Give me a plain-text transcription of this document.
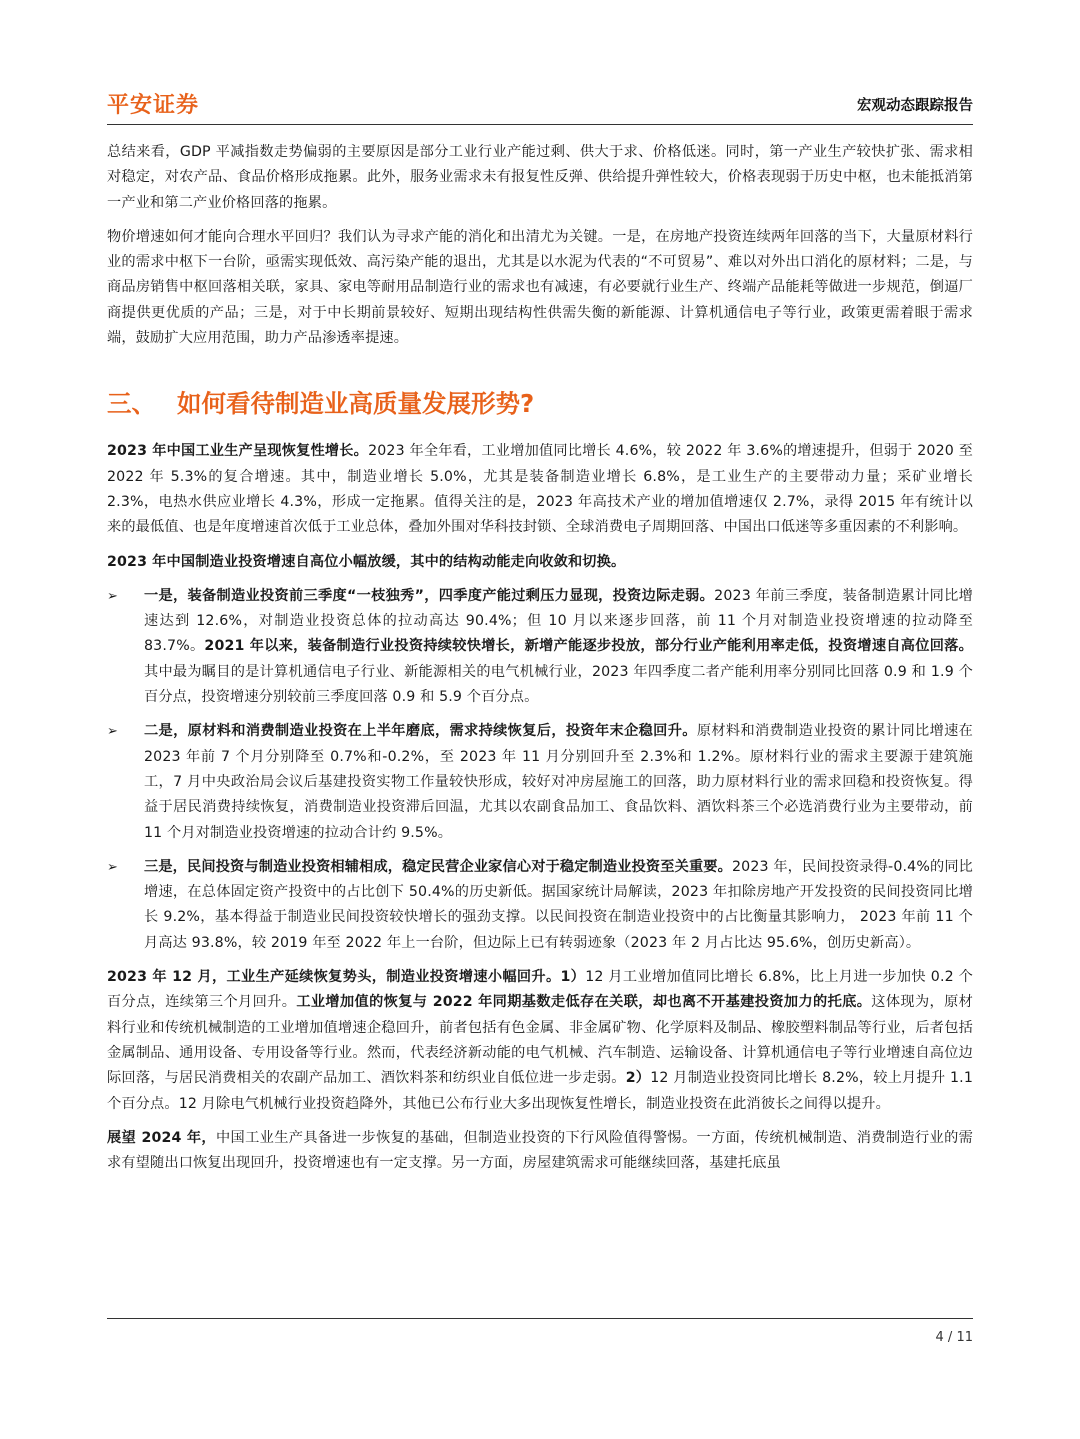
平安证券	宏观动态跟踪报告

总结来看，GDP 平减指数走势偏弱的主要原因是部分工业行业产能过剩、供大于求、价格低迷。同时，第一产业生产较快扩张、需求相对稳定，对农产品、食品价格形成拖累。此外，服务业需求未有报复性反弹、供给提升弹性较大，价格表现弱于历史中枢，也未能抵消第一产业和第二产业价格回落的拖累。

物价增速如何才能向合理水平回归？我们认为寻求产能的消化和出清尤为关键。一是，在房地产投资连续两年回落的当下，大量原材料行业的需求中枢下一台阶，亟需实现低效、高污染产能的退出，尤其是以水泥为代表的“不可贸易”、难以对外出口消化的原材料；二是，与商品房销售中枢回落相关联，家具、家电等耐用品制造行业的需求也有减速，有必要就行业生产、终端产品能耗等做进一步规范，倒逼厂商提供更优质的产品；三是，对于中长期前景较好、短期出现结构性供需失衡的新能源、计算机通信电子等行业，政策更需着眼于需求端，鼓励扩大应用范围，助力产品渗透率提速。

三、 如何看待制造业高质量发展形势?

2023 年中国工业生产呈现恢复性增长。2023 年全年看，工业增加值同比增长 4.6%，较 2022 年 3.6%的增速提升，但弱于 2020 至 2022 年 5.3%的复合增速。其中，制造业增长 5.0%，尤其是装备制造业增长 6.8%，是工业生产的主要带动力量；采矿业增长 2.3%，电热水供应业增长 4.3%，形成一定拖累。值得关注的是，2023 年高技术产业的增加值增速仅 2.7%，录得 2015 年有统计以来的最低值、也是年度增速首次低于工业总体，叠加外围对华科技封锁、全球消费电子周期回落、中国出口低迷等多重因素的不利影响。

2023 年中国制造业投资增速自高位小幅放缓，其中的结构动能走向收敛和切换。

➢ 一是，装备制造业投资前三季度“一枝独秀”，四季度产能过剩压力显现，投资边际走弱。2023 年前三季度，装备制造累计同比增速达到 12.6%，对制造业投资总体的拉动高达 90.4%；但 10 月以来逐步回落，前 11 个月对制造业投资增速的拉动降至 83.7%。2021 年以来，装备制造行业投资持续较快增长，新增产能逐步投放，部分行业产能利用率走低，投资增速自高位回落。其中最为瞩目的是计算机通信电子行业、新能源相关的电气机械行业，2023 年四季度二者产能利用率分别同比回落 0.9 和 1.9 个百分点，投资增速分别较前三季度回落 0.9 和 5.9 个百分点。

➢ 二是，原材料和消费制造业投资在上半年磨底，需求持续恢复后，投资年末企稳回升。原材料和消费制造业投资的累计同比增速在 2023 年前 7 个月分别降至 0.7%和-0.2%，至 2023 年 11 月分别回升至 2.3%和 1.2%。原材料行业的需求主要源于建筑施工，7 月中央政治局会议后基建投资实物工作量较快形成，较好对冲房屋施工的回落，助力原材料行业的需求回稳和投资恢复。得益于居民消费持续恢复，消费制造业投资滞后回温，尤其以农副食品加工、食品饮料、酒饮料茶三个必选消费行业为主要带动，前 11 个月对制造业投资增速的拉动合计约 9.5%。

➢ 三是，民间投资与制造业投资相辅相成，稳定民营企业家信心对于稳定制造业投资至关重要。2023 年，民间投资录得-0.4%的同比增速，在总体固定资产投资中的占比创下 50.4%的历史新低。据国家统计局解读，2023 年扣除房地产开发投资的民间投资同比增长 9.2%，基本得益于制造业民间投资较快增长的强劲支撑。以民间投资在制造业投资中的占比衡量其影响力， 2023 年前 11 个月高达 93.8%，较 2019 年至 2022 年上一台阶，但边际上已有转弱迹象（2023 年 2 月占比达 95.6%，创历史新高）。

2023 年 12 月，工业生产延续恢复势头，制造业投资增速小幅回升。1）12 月工业增加值同比增长 6.8%，比上月进一步加快 0.2 个百分点，连续第三个月回升。工业增加值的恢复与 2022 年同期基数走低存在关联，却也离不开基建投资加力的托底。这体现为，原材料行业和传统机械制造的工业增加值增速企稳回升，前者包括有色金属、非金属矿物、化学原料及制品、橡胶塑料制品等行业，后者包括金属制品、通用设备、专用设备等行业。然而，代表经济新动能的电气机械、汽车制造、运输设备、计算机通信电子等行业增速自高位边际回落，与居民消费相关的农副产品加工、酒饮料茶和纺织业自低位进一步走弱。2）12 月制造业投资同比增长 8.2%，较上月提升 1.1 个百分点。12 月除电气机械行业投资趋降外，其他已公布行业大多出现恢复性增长，制造业投资在此消彼长之间得以提升。

展望 2024 年，中国工业生产具备进一步恢复的基础，但制造业投资的下行风险值得警惕。一方面，传统机械制造、消费制造行业的需求有望随出口恢复出现回升，投资增速也有一定支撑。另一方面，房屋建筑需求可能继续回落，基建托底虽

4 / 11
